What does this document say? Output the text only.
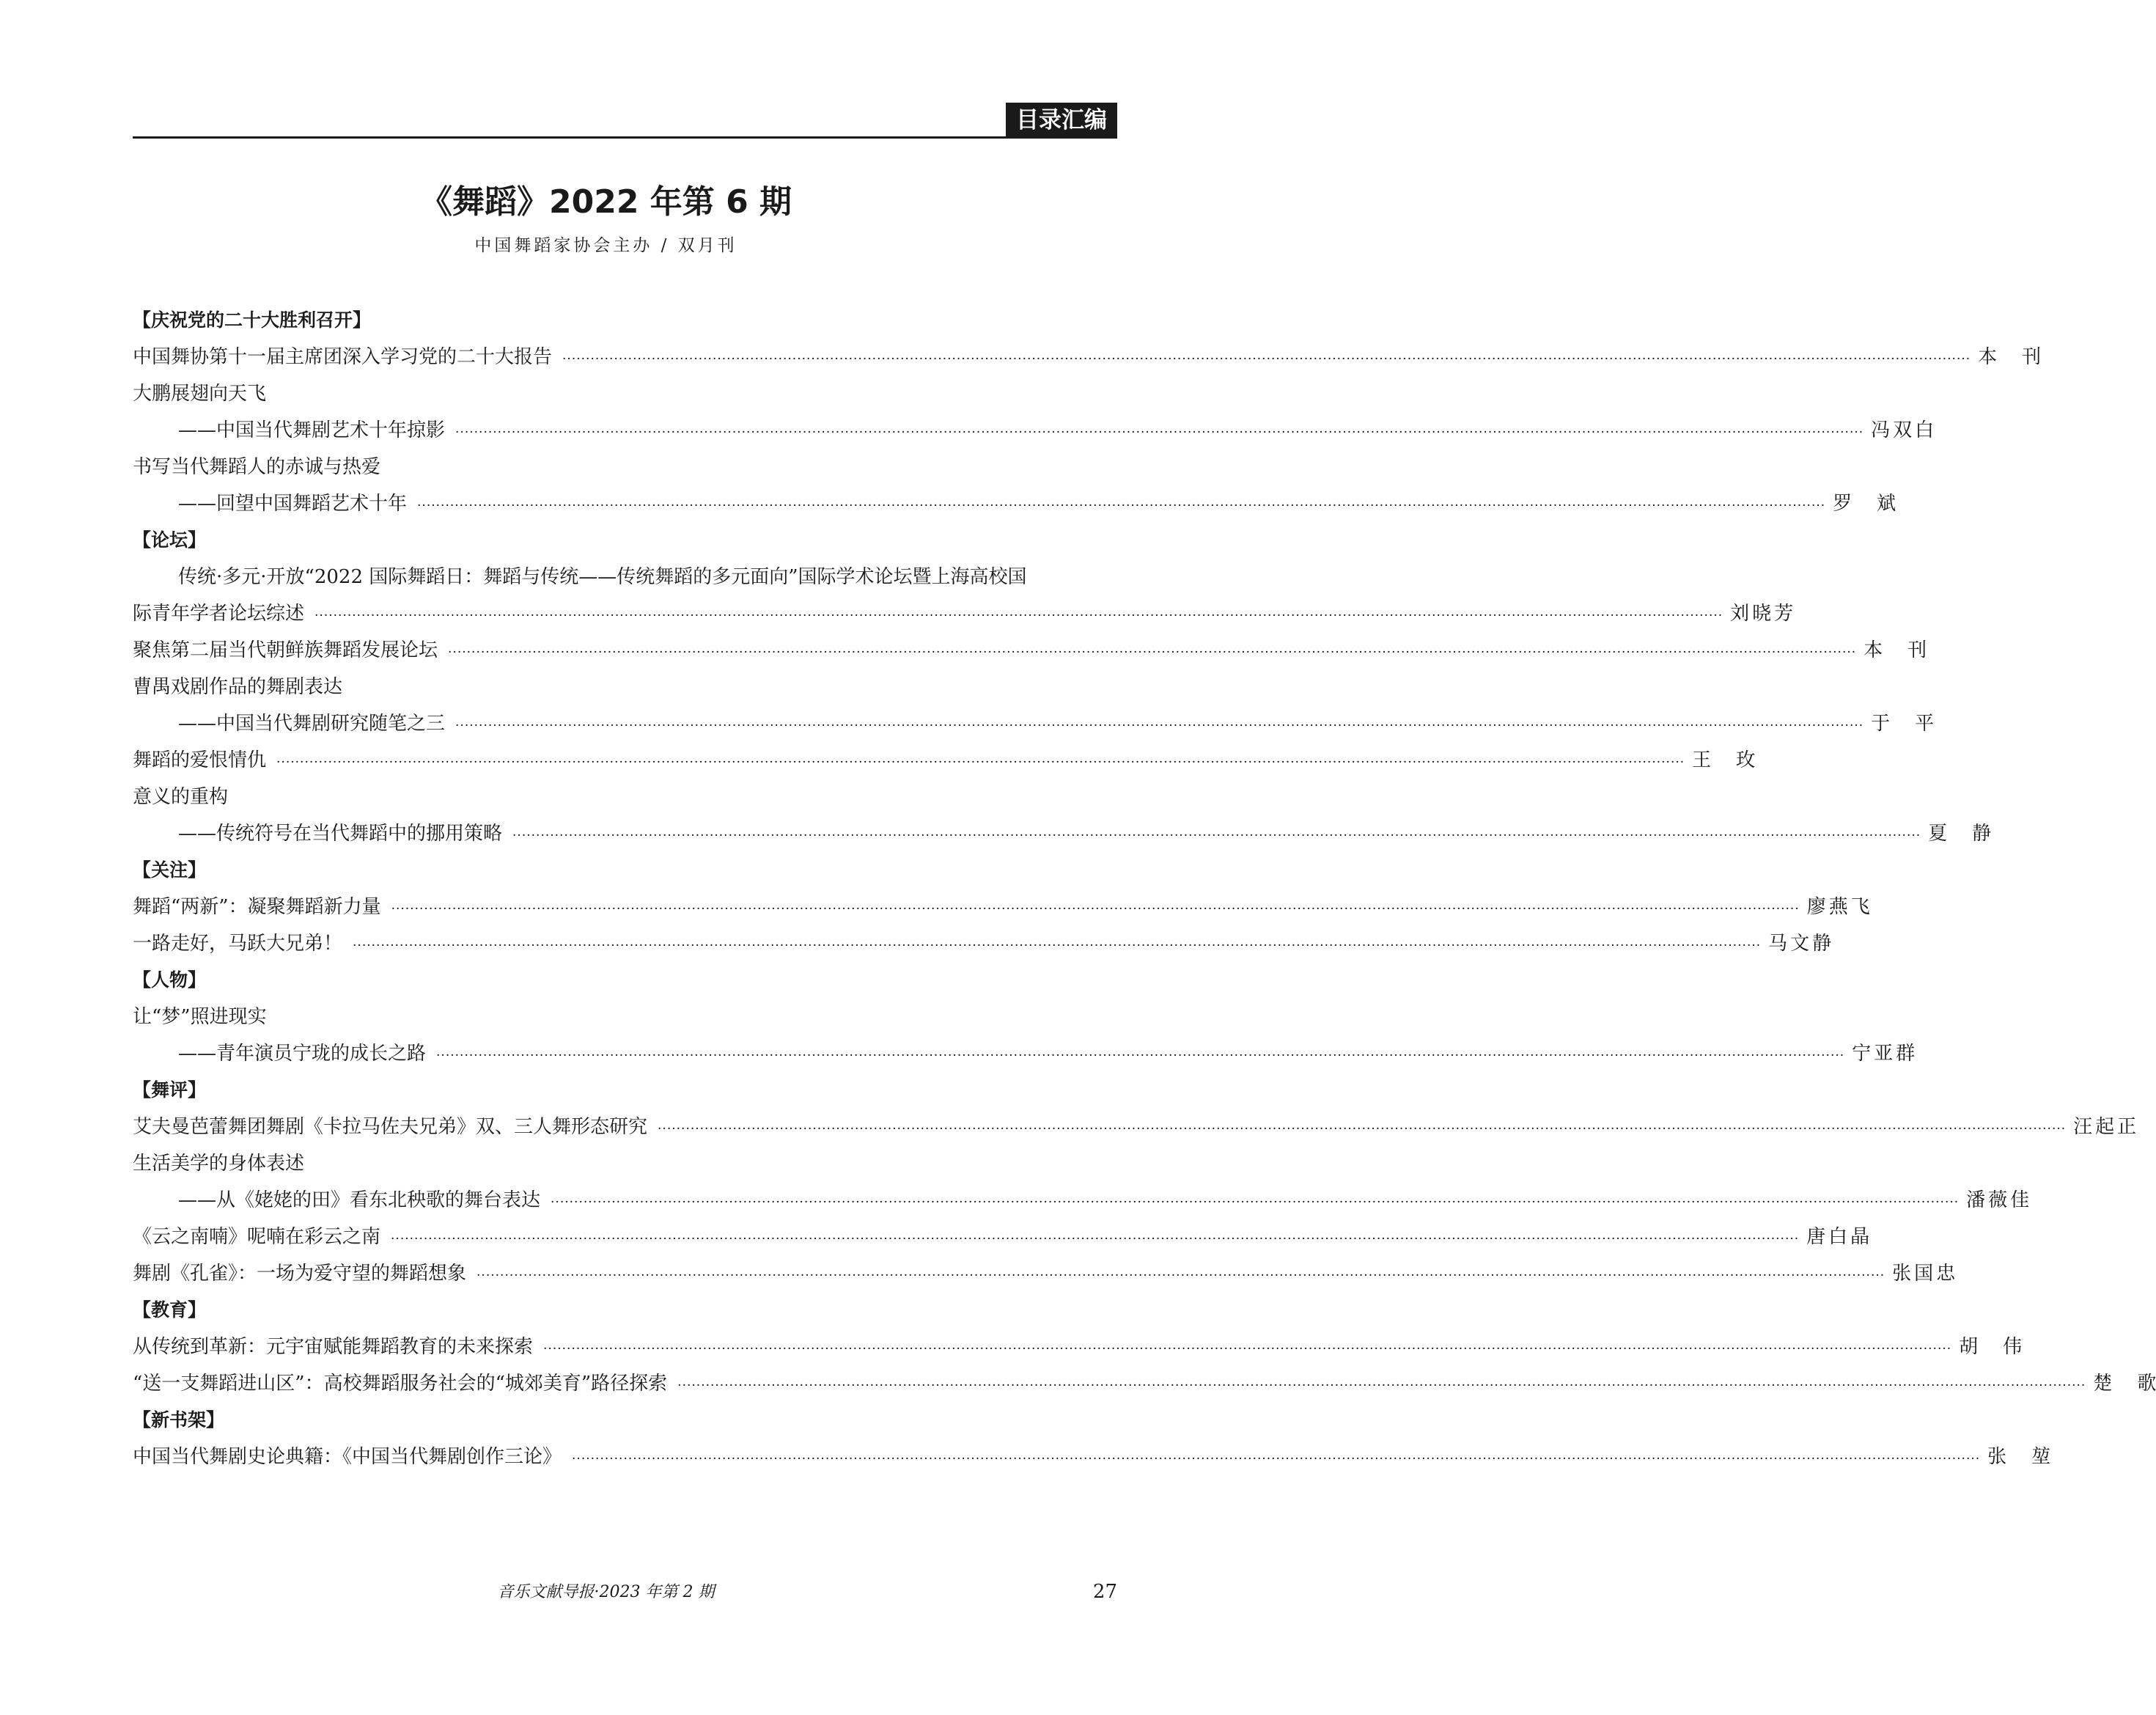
目录汇编
《舞蹈》2022 年第 6 期
中国舞蹈家协会主办 / 双月刊
【庆祝党的二十大胜利召开】
中国舞协第十一届主席团深入学习党的二十大报告 ············································································································································································································································································································ 本 刊
大鹏展翅向天飞
——中国当代舞剧艺术十年掠影 ············································································································································································································································································································ 冯双白
书写当代舞蹈人的赤诚与热爱
——回望中国舞蹈艺术十年 ············································································································································································································································································································ 罗 斌
【论坛】
传统·多元·开放“2022 国际舞蹈日：舞蹈与传统——传统舞蹈的多元面向”国际学术论坛暨上海高校国
际青年学者论坛综述 ············································································································································································································································································································ 刘晓芳
聚焦第二届当代朝鲜族舞蹈发展论坛 ············································································································································································································································································································ 本 刊
曹禺戏剧作品的舞剧表达
——中国当代舞剧研究随笔之三 ············································································································································································································································································································ 于 平
舞蹈的爱恨情仇 ············································································································································································································································································································ 王 玫
意义的重构
——传统符号在当代舞蹈中的挪用策略 ············································································································································································································································································································ 夏 静
【关注】
舞蹈“两新”：凝聚舞蹈新力量 ············································································································································································································································································································ 廖燕飞
一路走好，马跃大兄弟！ ············································································································································································································································································································ 马文静
【人物】
让“梦”照进现实
——青年演员宁珑的成长之路 ············································································································································································································································································································ 宁亚群
【舞评】
艾夫曼芭蕾舞团舞剧《卡拉马佐夫兄弟》双、三人舞形态研究 ············································································································································································································································································································ 汪起正
生活美学的身体表述
——从《姥姥的田》看东北秧歌的舞台表达 ············································································································································································································································································································ 潘薇佳
《云之南喃》呢喃在彩云之南 ············································································································································································································································································································ 唐白晶
舞剧《孔雀》：一场为爱守望的舞蹈想象 ············································································································································································································································································································ 张国忠
【教育】
从传统到革新：元宇宙赋能舞蹈教育的未来探索 ············································································································································································································································································································ 胡 伟
“送一支舞蹈进山区”：高校舞蹈服务社会的“城郊美育”路径探索 ············································································································································································································································································································ 楚 歌
【新书架】
中国当代舞剧史论典籍：《中国当代舞剧创作三论》 ············································································································································································································································································································ 张 堃
音乐文献导报·2023 年第 2 期	27
